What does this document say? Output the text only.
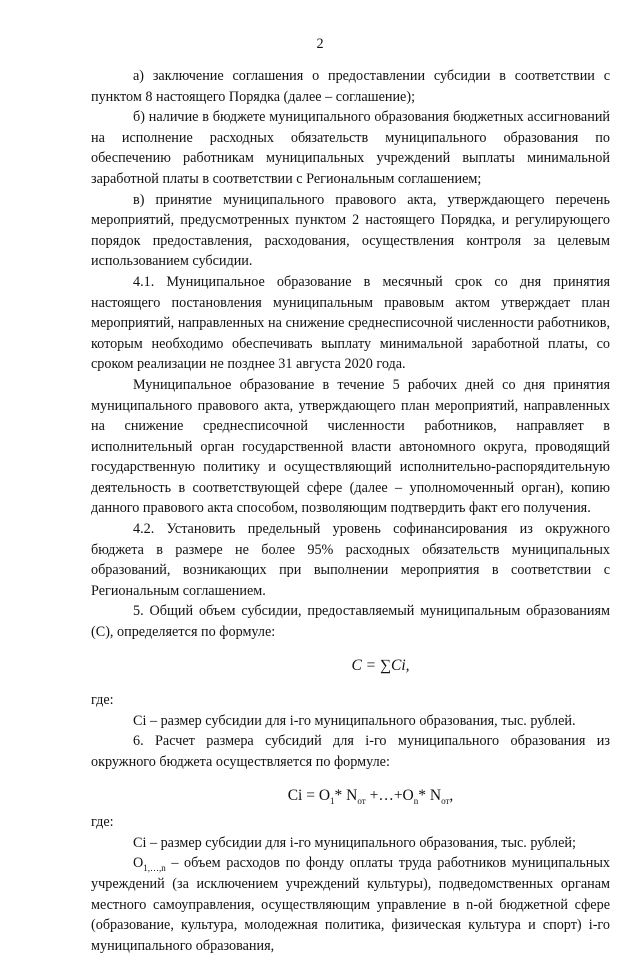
2

а) заключение соглашения о предоставлении субсидии в соответствии с пунктом 8 настоящего Порядка (далее – соглашение);

б) наличие в бюджете муниципального образования бюджетных ассигнований на исполнение расходных обязательств муниципального образования по обеспечению работникам муниципальных учреждений выплаты минимальной заработной платы в соответствии с Региональным соглашением;

в) принятие муниципального правового акта, утверждающего перечень мероприятий, предусмотренных пунктом 2 настоящего Порядка, и регулирующего порядок предоставления, расходования, осуществления контроля за целевым использованием субсидии.

4.1. Муниципальное образование в месячный срок со дня принятия настоящего постановления муниципальным правовым актом утверждает план мероприятий, направленных на снижение среднесписочной численности работников, которым необходимо обеспечивать выплату минимальной заработной платы, со сроком реализации не позднее 31 августа 2020 года.

Муниципальное образование в течение 5 рабочих дней со дня принятия муниципального правового акта, утверждающего план мероприятий, направленных на снижение среднесписочной численности работников, направляет в исполнительный орган государственной власти автономного округа, проводящий государственную политику и осуществляющий исполнительно-распорядительную деятельность в соответствующей сфере (далее – уполномоченный орган), копию данного правового акта способом, позволяющим подтвердить факт его получения.

4.2. Установить предельный уровень софинансирования из окружного бюджета в размере не более 95% расходных обязательств муниципальных образований, возникающих при выполнении мероприятия в соответствии с Региональным соглашением.

5. Общий объем субсидии, предоставляемый муниципальным образованиям (C), определяется по формуле:

C = ∑Ci,

где:

Ci – размер субсидии для i-го муниципального образования, тыс. рублей.

6. Расчет размера субсидий для i-го муниципального образования из окружного бюджета осуществляется по формуле:

$Ci = O_1*$ $N_{от}$ $+\dots+O_n*$ $N_{от}$,

где:

Ci – размер субсидии для i-го муниципального образования, тыс. рублей;

$O_{1,\dots,n}$ – объем расходов по фонду оплаты труда работников муниципальных учреждений (за исключением учреждений культуры), подведомственных органам местного самоуправления, осуществляющим управление в n-ой бюджетной сфере (образование, культура, молодежная политика, физическая культура и спорт) i-го муниципального образования,
